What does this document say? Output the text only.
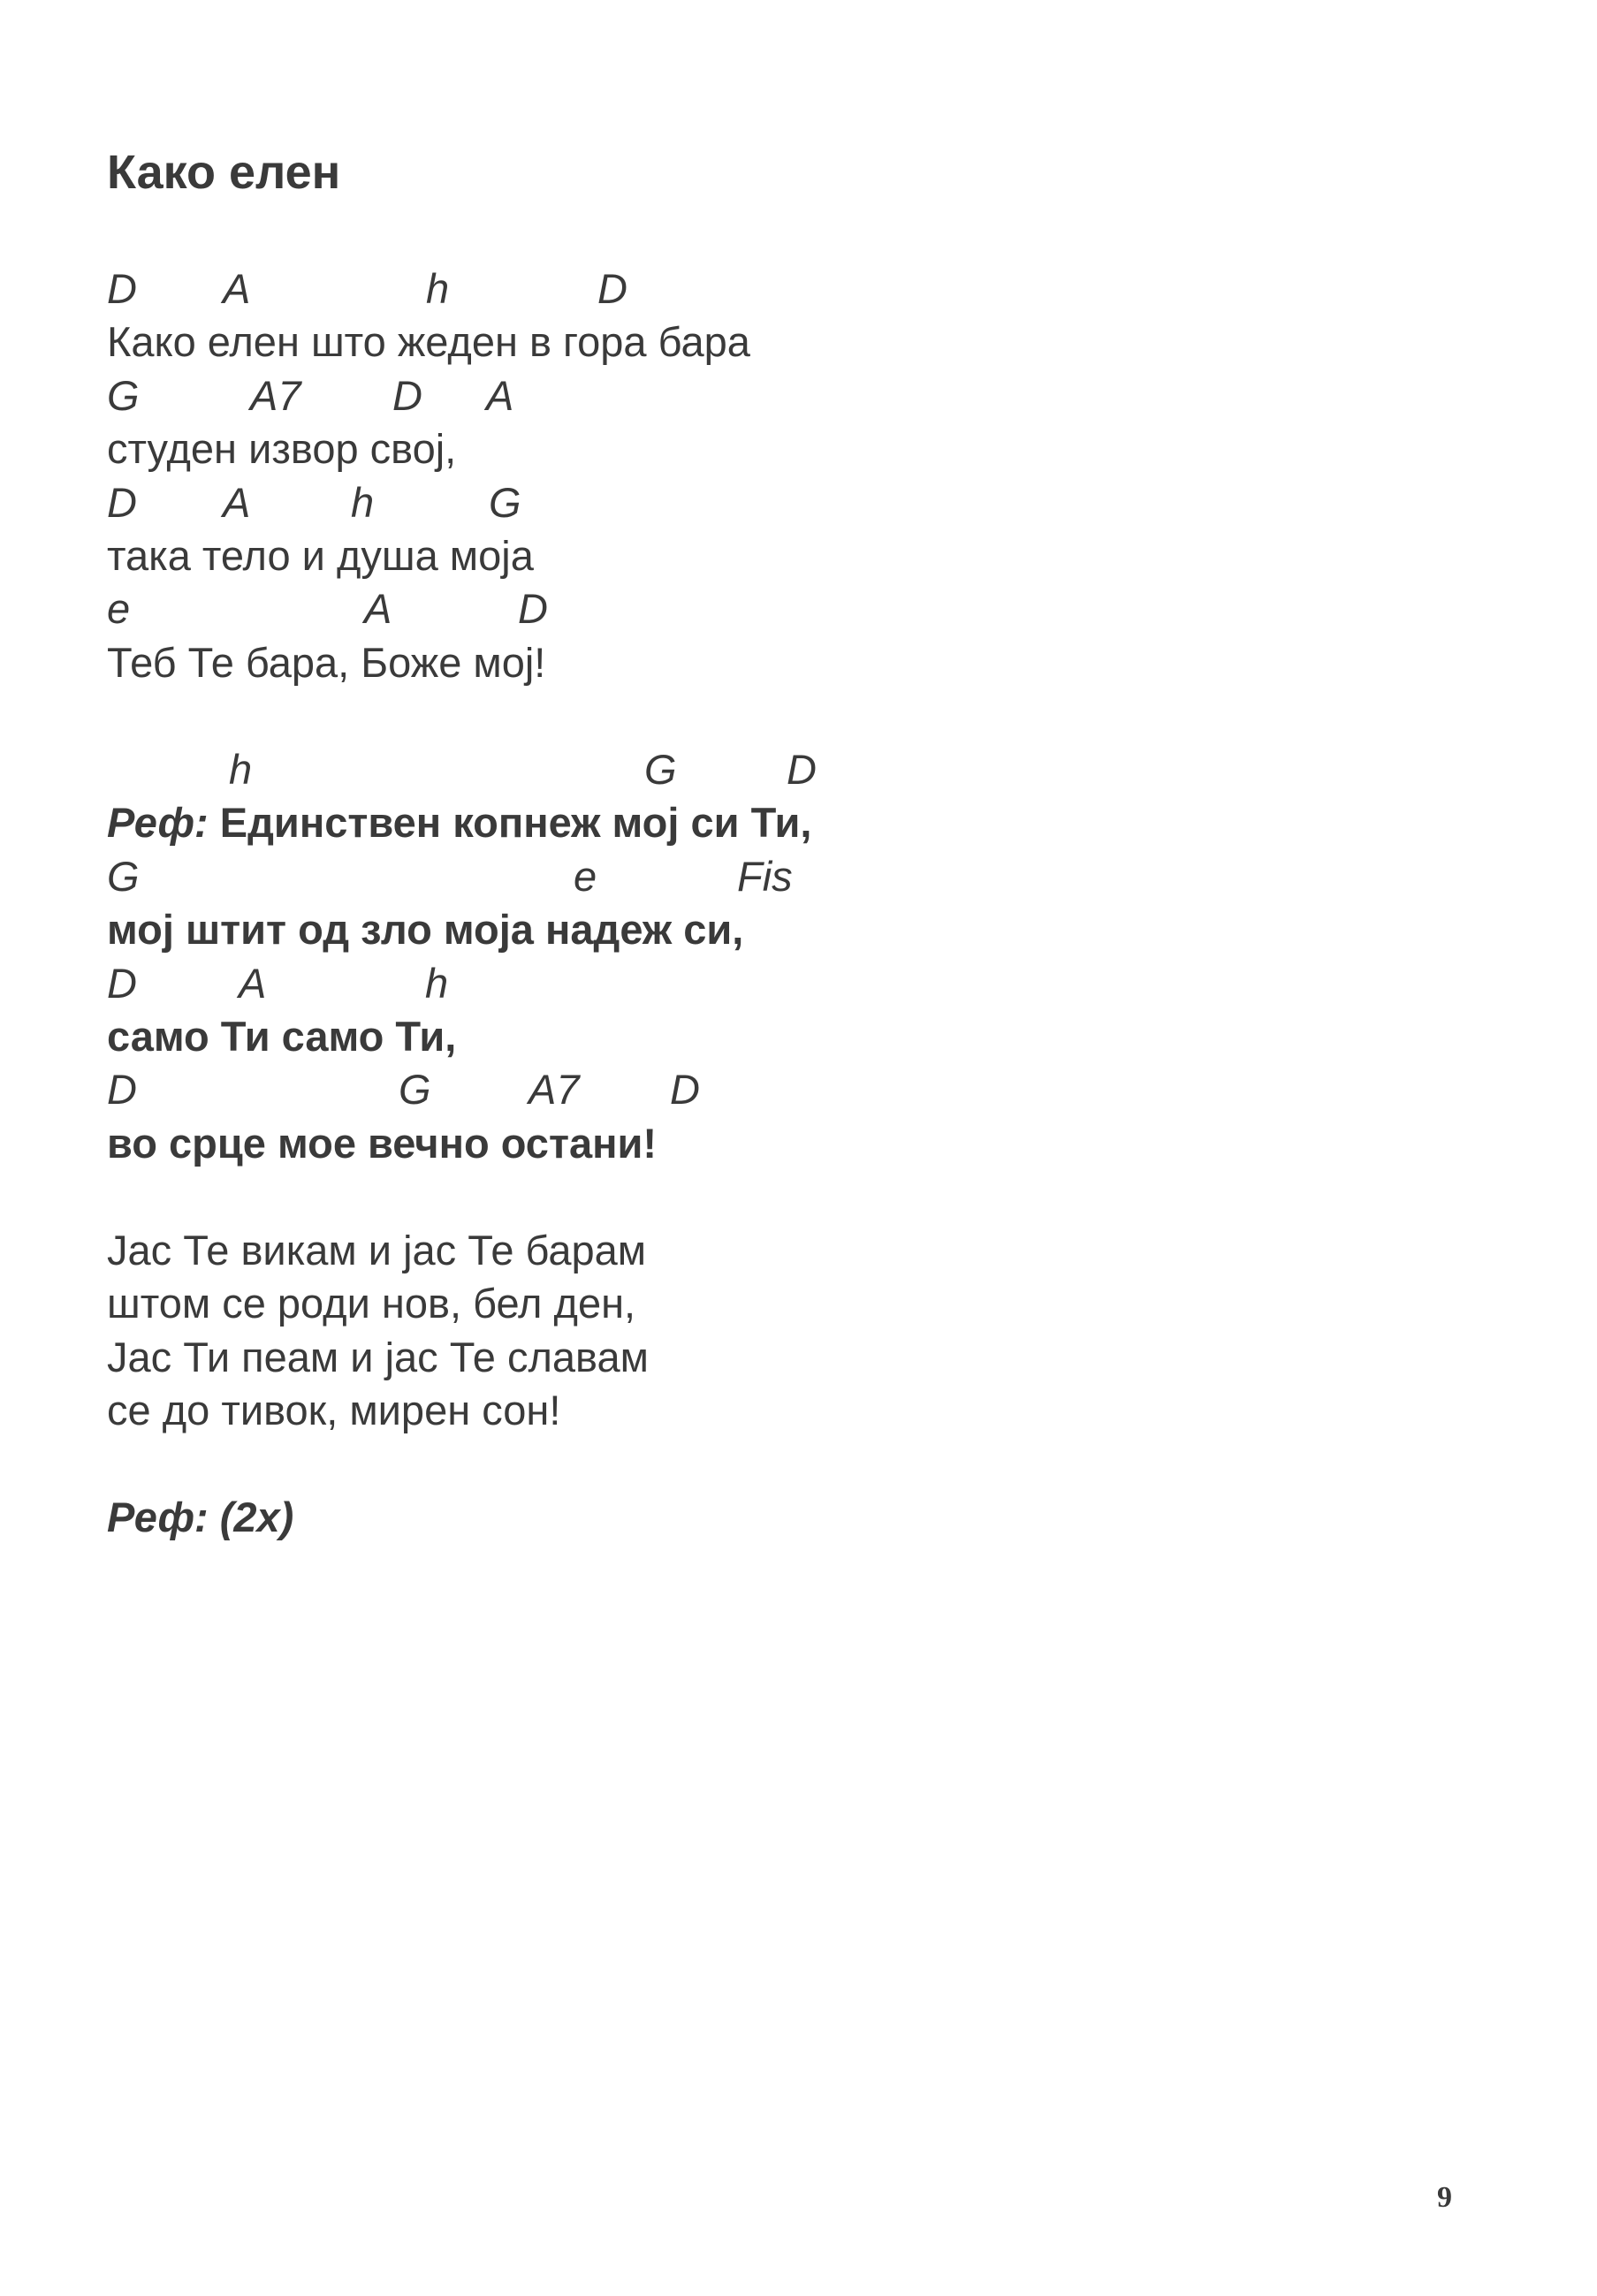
Како елен
D A	h	D
Како елен што жеден в гора бара
G	A7 D A
студен извор свој,
D A h	G
така тело и душа моја
e	A	D
Теб Те бара, Боже мој!
h	G	D
Реф: Единствен копнеж мој си Ти,
G	e	Fis
мој штит од зло моја надеж си,
D A	h
само Ти само Ти,
D	G A7 D
во срце мое вечно остани!
Јас Те викам и јас Те барам
штом се роди нов, бел ден,
Јас Ти пеам и јас Те славам
се до тивок, мирен сон!
Реф: (2x)
9
